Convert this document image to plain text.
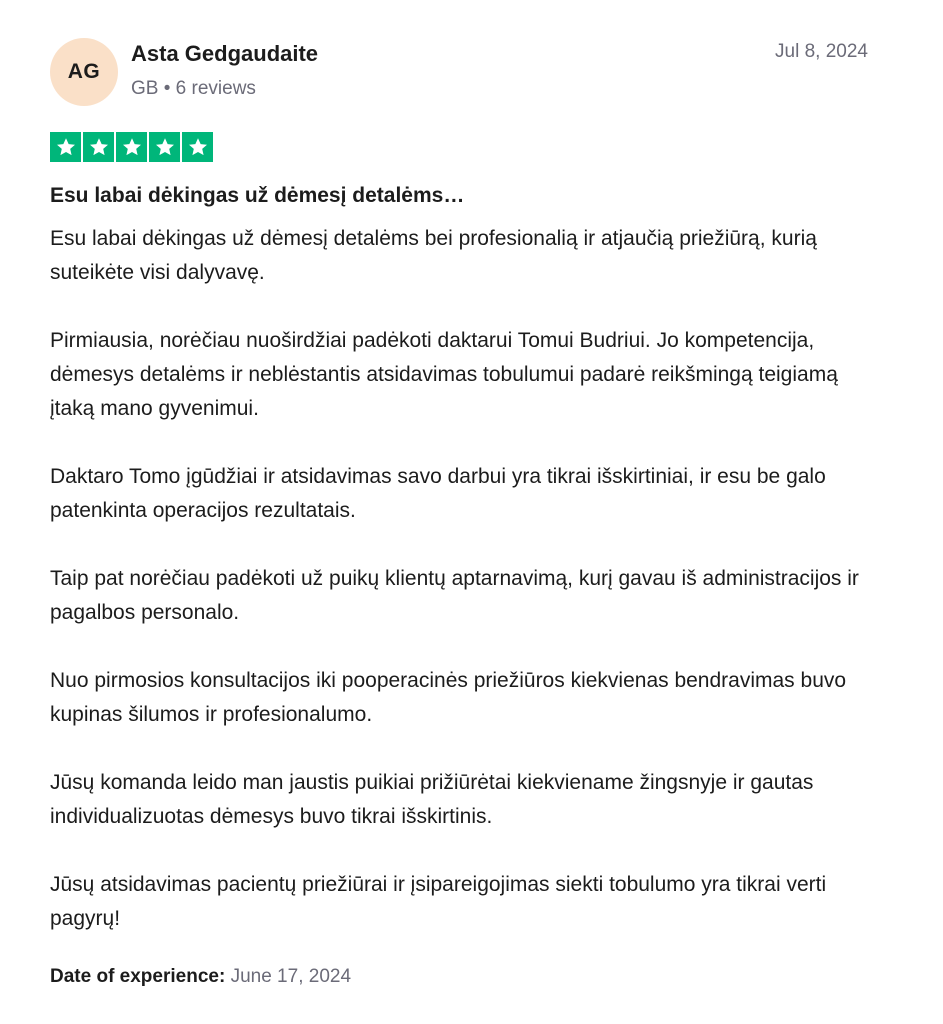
AG
Asta Gedgaudaite
GB • 6 reviews
Jul 8, 2024
Esu labai dėkingas už dėmesį detalėms…

Esu labai dėkingas už dėmesį detalėms bei profesionalią ir atjaučią priežiūrą, kurią suteikėte visi dalyvavę.

Pirmiausia, norėčiau nuoširdžiai padėkoti daktarui Tomui Budriui. Jo kompetencija, dėmesys detalėms ir neblėstantis atsidavimas tobulumui padarė reikšmingą teigiamą įtaką mano gyvenimui.

Daktaro Tomo įgūdžiai ir atsidavimas savo darbui yra tikrai išskirtiniai, ir esu be galo patenkinta operacijos rezultatais.

Taip pat norėčiau padėkoti už puikų klientų aptarnavimą, kurį gavau iš administracijos ir pagalbos personalo.

Nuo pirmosios konsultacijos iki pooperacinės priežiūros kiekvienas bendravimas buvo kupinas šilumos ir profesionalumo.

Jūsų komanda leido man jaustis puikiai prižiūrėtai kiekviename žingsnyje ir gautas individualizuotas dėmesys buvo tikrai išskirtinis.

Jūsų atsidavimas pacientų priežiūrai ir įsipareigojimas siekti tobulumo yra tikrai verti pagyrų!

Date of experience: June 17, 2024
